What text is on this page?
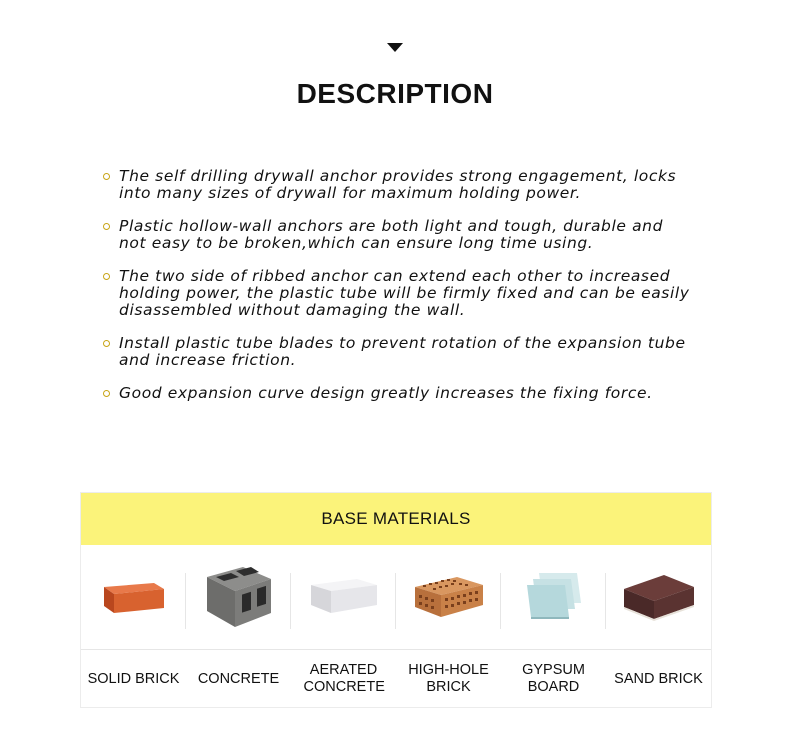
DESCRIPTION

The self drilling drywall anchor provides strong engagement, locks into many sizes of drywall for maximum holding power.

Plastic hollow-wall anchors are both light and tough, durable and not easy to be broken,which can ensure long time using.

The two side of ribbed anchor can extend each other to increased holding power, the plastic tube will be firmly fixed and can be easily disassembled without damaging the wall.

Install plastic tube blades to prevent rotation of the expansion tube and increase friction.

Good expansion curve design greatly increases the fixing force.

BASE MATERIALS
SOLID BRICK	CONCRETE
AERATED CONCRETE
HIGH-HOLE BRICK
GYPSUM BOARD
SAND BRICK
